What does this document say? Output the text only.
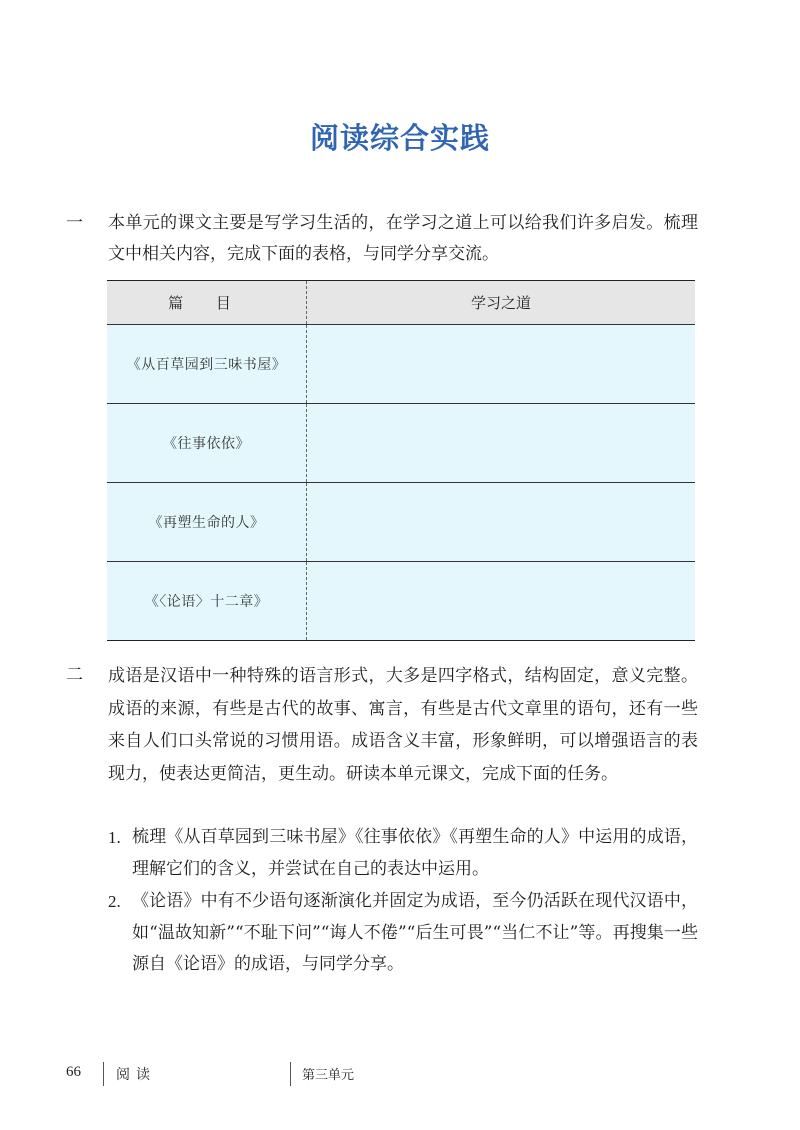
阅读综合实践
一 本单元的课文主要是写学习生活的，在学习之道上可以给我们许多启发。梳理文中相关内容，完成下面的表格，与同学分享交流。
篇 目	学习之道
《从百草园到三味书屋》	
《往事依依》	
《再塑生命的人》	
《〈论语〉十二章》	
二 成语是汉语中一种特殊的语言形式，大多是四字格式，结构固定，意义完整。成语的来源，有些是古代的故事、寓言，有些是古代文章里的语句，还有一些来自人们口头常说的习惯用语。成语含义丰富，形象鲜明，可以增强语言的表现力，使表达更简洁，更生动。研读本单元课文，完成下面的任务。
1. 梳理《从百草园到三味书屋》《往事依依》《再塑生命的人》中运用的成语，理解它们的含义，并尝试在自己的表达中运用。
2. 《论语》中有不少语句逐渐演化并固定为成语，至今仍活跃在现代汉语中，如“温故知新”“不耻下问”“诲人不倦”“后生可畏”“当仁不让”等。再搜集一些源自《论语》的成语，与同学分享。
66	阅读	第三单元
